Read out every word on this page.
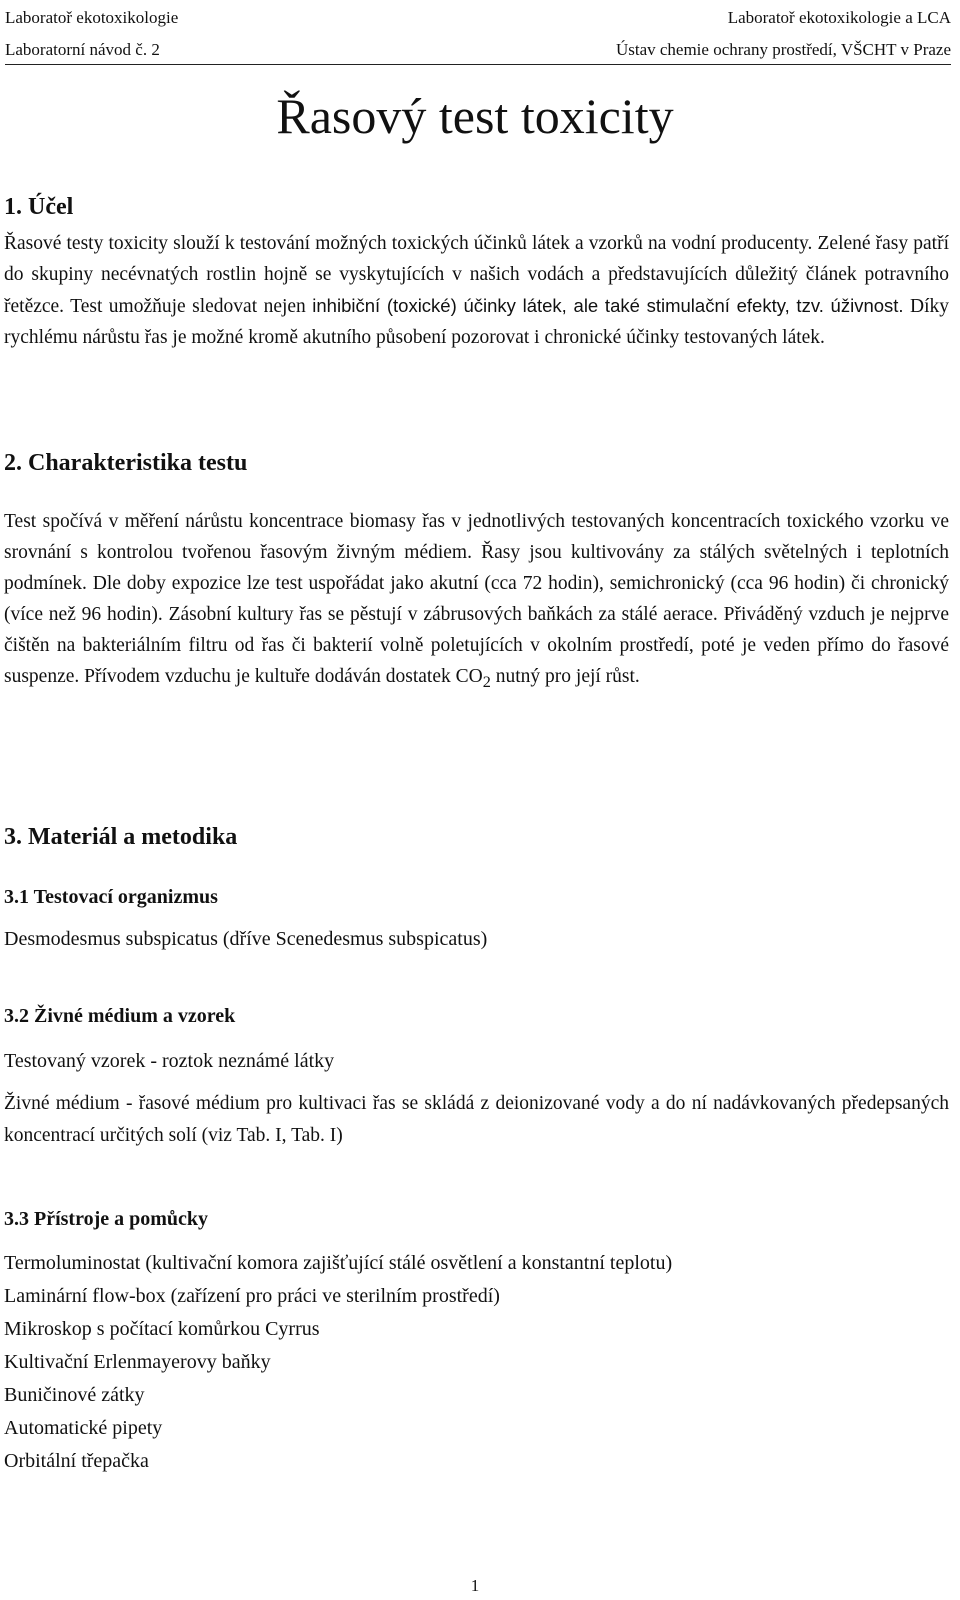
Laboratoř ekotoxikologie
Laboratorní návod č. 2
Laboratoř ekotoxikologie a LCA
Ústav chemie ochrany prostředí, VŠCHT v Praze
Řasový test toxicity
1. Účel
Řasové testy toxicity slouží k testování možných toxických účinků látek a vzorků na vodní producenty. Zelené řasy patří do skupiny necévnatých rostlin hojně se vyskytujících v našich vodách a představujících důležitý článek potravního řetězce. Test umožňuje sledovat nejen inhibiční (toxické) účinky látek, ale také stimulační efekty, tzv. úživnost. Díky rychlému nárůstu řas je možné kromě akutního působení pozorovat i chronické účinky testovaných látek.
2. Charakteristika testu
Test spočívá v měření nárůstu koncentrace biomasy řas v jednotlivých testovaných koncentracích toxického vzorku ve srovnání s kontrolou tvořenou řasovým živným médiem. Řasy jsou kultivovány za stálých světelných i teplotních podmínek. Dle doby expozice lze test uspořádat jako akutní (cca 72 hodin), semichronický (cca 96 hodin) či chronický (více než 96 hodin). Zásobní kultury řas se pěstují v zábrusových baňkách za stálé aerace. Přiváděný vzduch je nejprve čištěn na bakteriálním filtru od řas či bakterií volně poletujících v okolním prostředí, poté je veden přímo do řasové suspenze. Přívodem vzduchu je kultuře dodáván dostatek $CO_2$ nutný pro její růst.
3. Materiál a metodika
3.1 Testovací organizmus
Desmodesmus subspicatus (dříve Scenedesmus subspicatus)
3.2 Živné médium a vzorek
Testovaný vzorek - roztok neznámé látky
Živné médium - řasové médium pro kultivaci řas se skládá z deionizované vody a do ní nadávkovaných předepsaných koncentrací určitých solí (viz Tab. I, Tab. I)
3.3 Přístroje a pomůcky
Termoluminostat (kultivační komora zajišťující stálé osvětlení a konstantní teplotu)
Laminární flow-box (zařízení pro práci ve sterilním prostředí)
Mikroskop s počítací komůrkou Cyrrus
Kultivační Erlenmayerovy baňky
Buničinové zátky
Automatické pipety
Orbitální třepačka
1
